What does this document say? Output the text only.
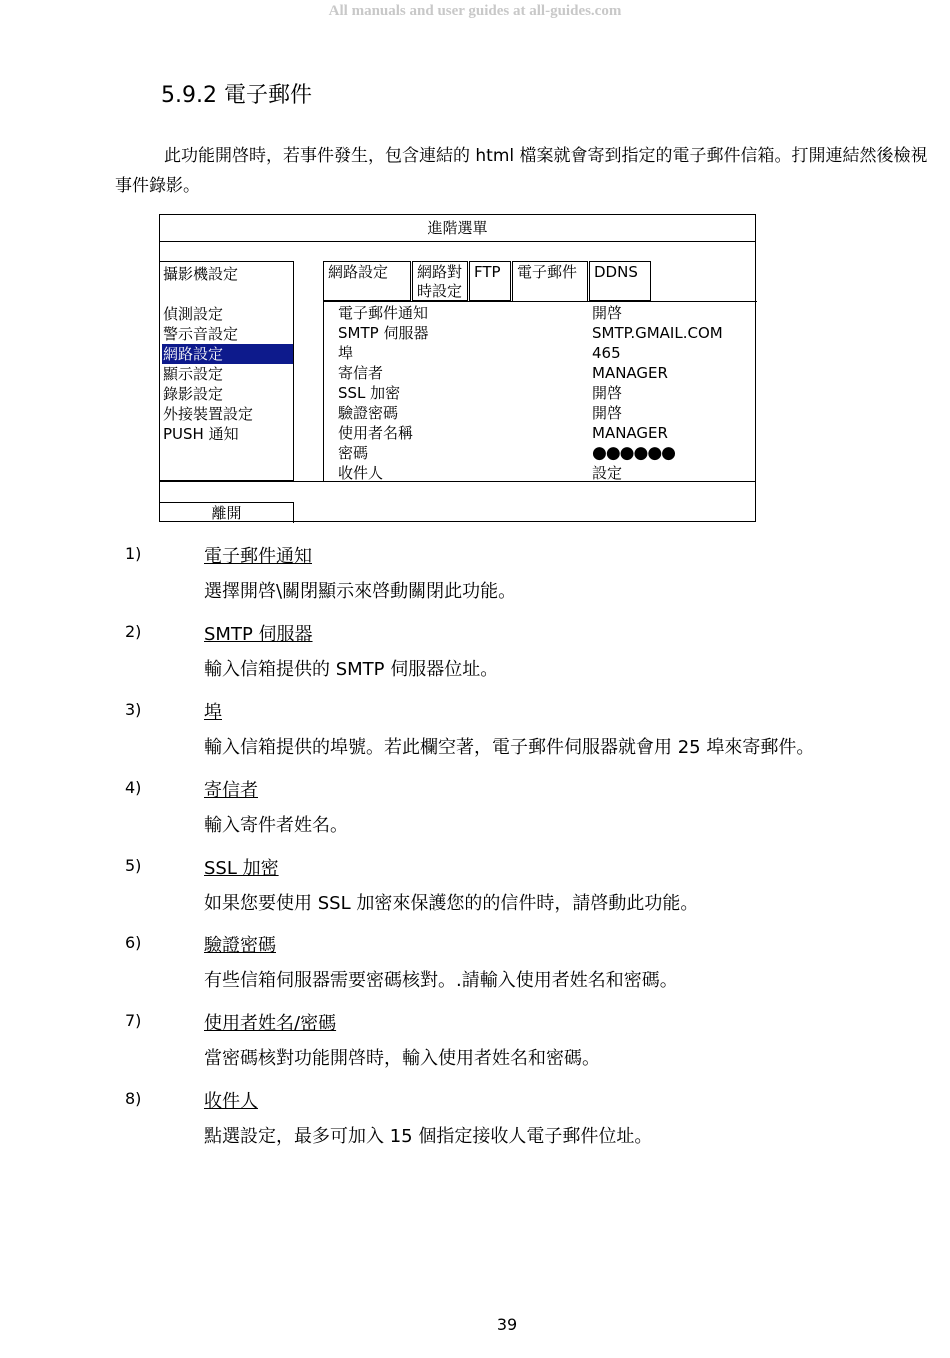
All manuals and user guides at all-guides.com
5.9.2 電子郵件
此功能開啓時，若事件發生，包含連結的 html 檔案就會寄到指定的電子郵件信箱。打開連結然後檢視事件錄影。
進階選單
攝影機設定
偵測設定
警示音設定
網路設定
顯示設定
錄影設定
外接裝置設定
PUSH 通知
離開
網路設定	網路對時設定
FTP	電子郵件	DDNS
電子郵件通知	開啓
SMTP 伺服器	SMTP.GMAIL.COM
埠	465
寄信者	MANAGER
SSL 加密	開啓
驗證密碼	開啓
使用者名稱	MANAGER
密碼	●●●●●●
收件人	設定
1)	電子郵件通知
選擇開啓\關閉顯示來啓動關閉此功能。
2)	SMTP 伺服器
輸入信箱提供的 SMTP 伺服器位址。
3)	埠
輸入信箱提供的埠號。若此欄空著，電子郵件伺服器就會用 25 埠來寄郵件。
4)	寄信者
輸入寄件者姓名。
5)	SSL 加密
如果您要使用 SSL 加密來保護您的的信件時，請啓動此功能。
6)	驗證密碼
有些信箱伺服器需要密碼核對。.請輸入使用者姓名和密碼。
7)	使用者姓名/密碼
當密碼核對功能開啓時，輸入使用者姓名和密碼。
8)	收件人
點選設定，最多可加入 15 個指定接收人電子郵件位址。
39
